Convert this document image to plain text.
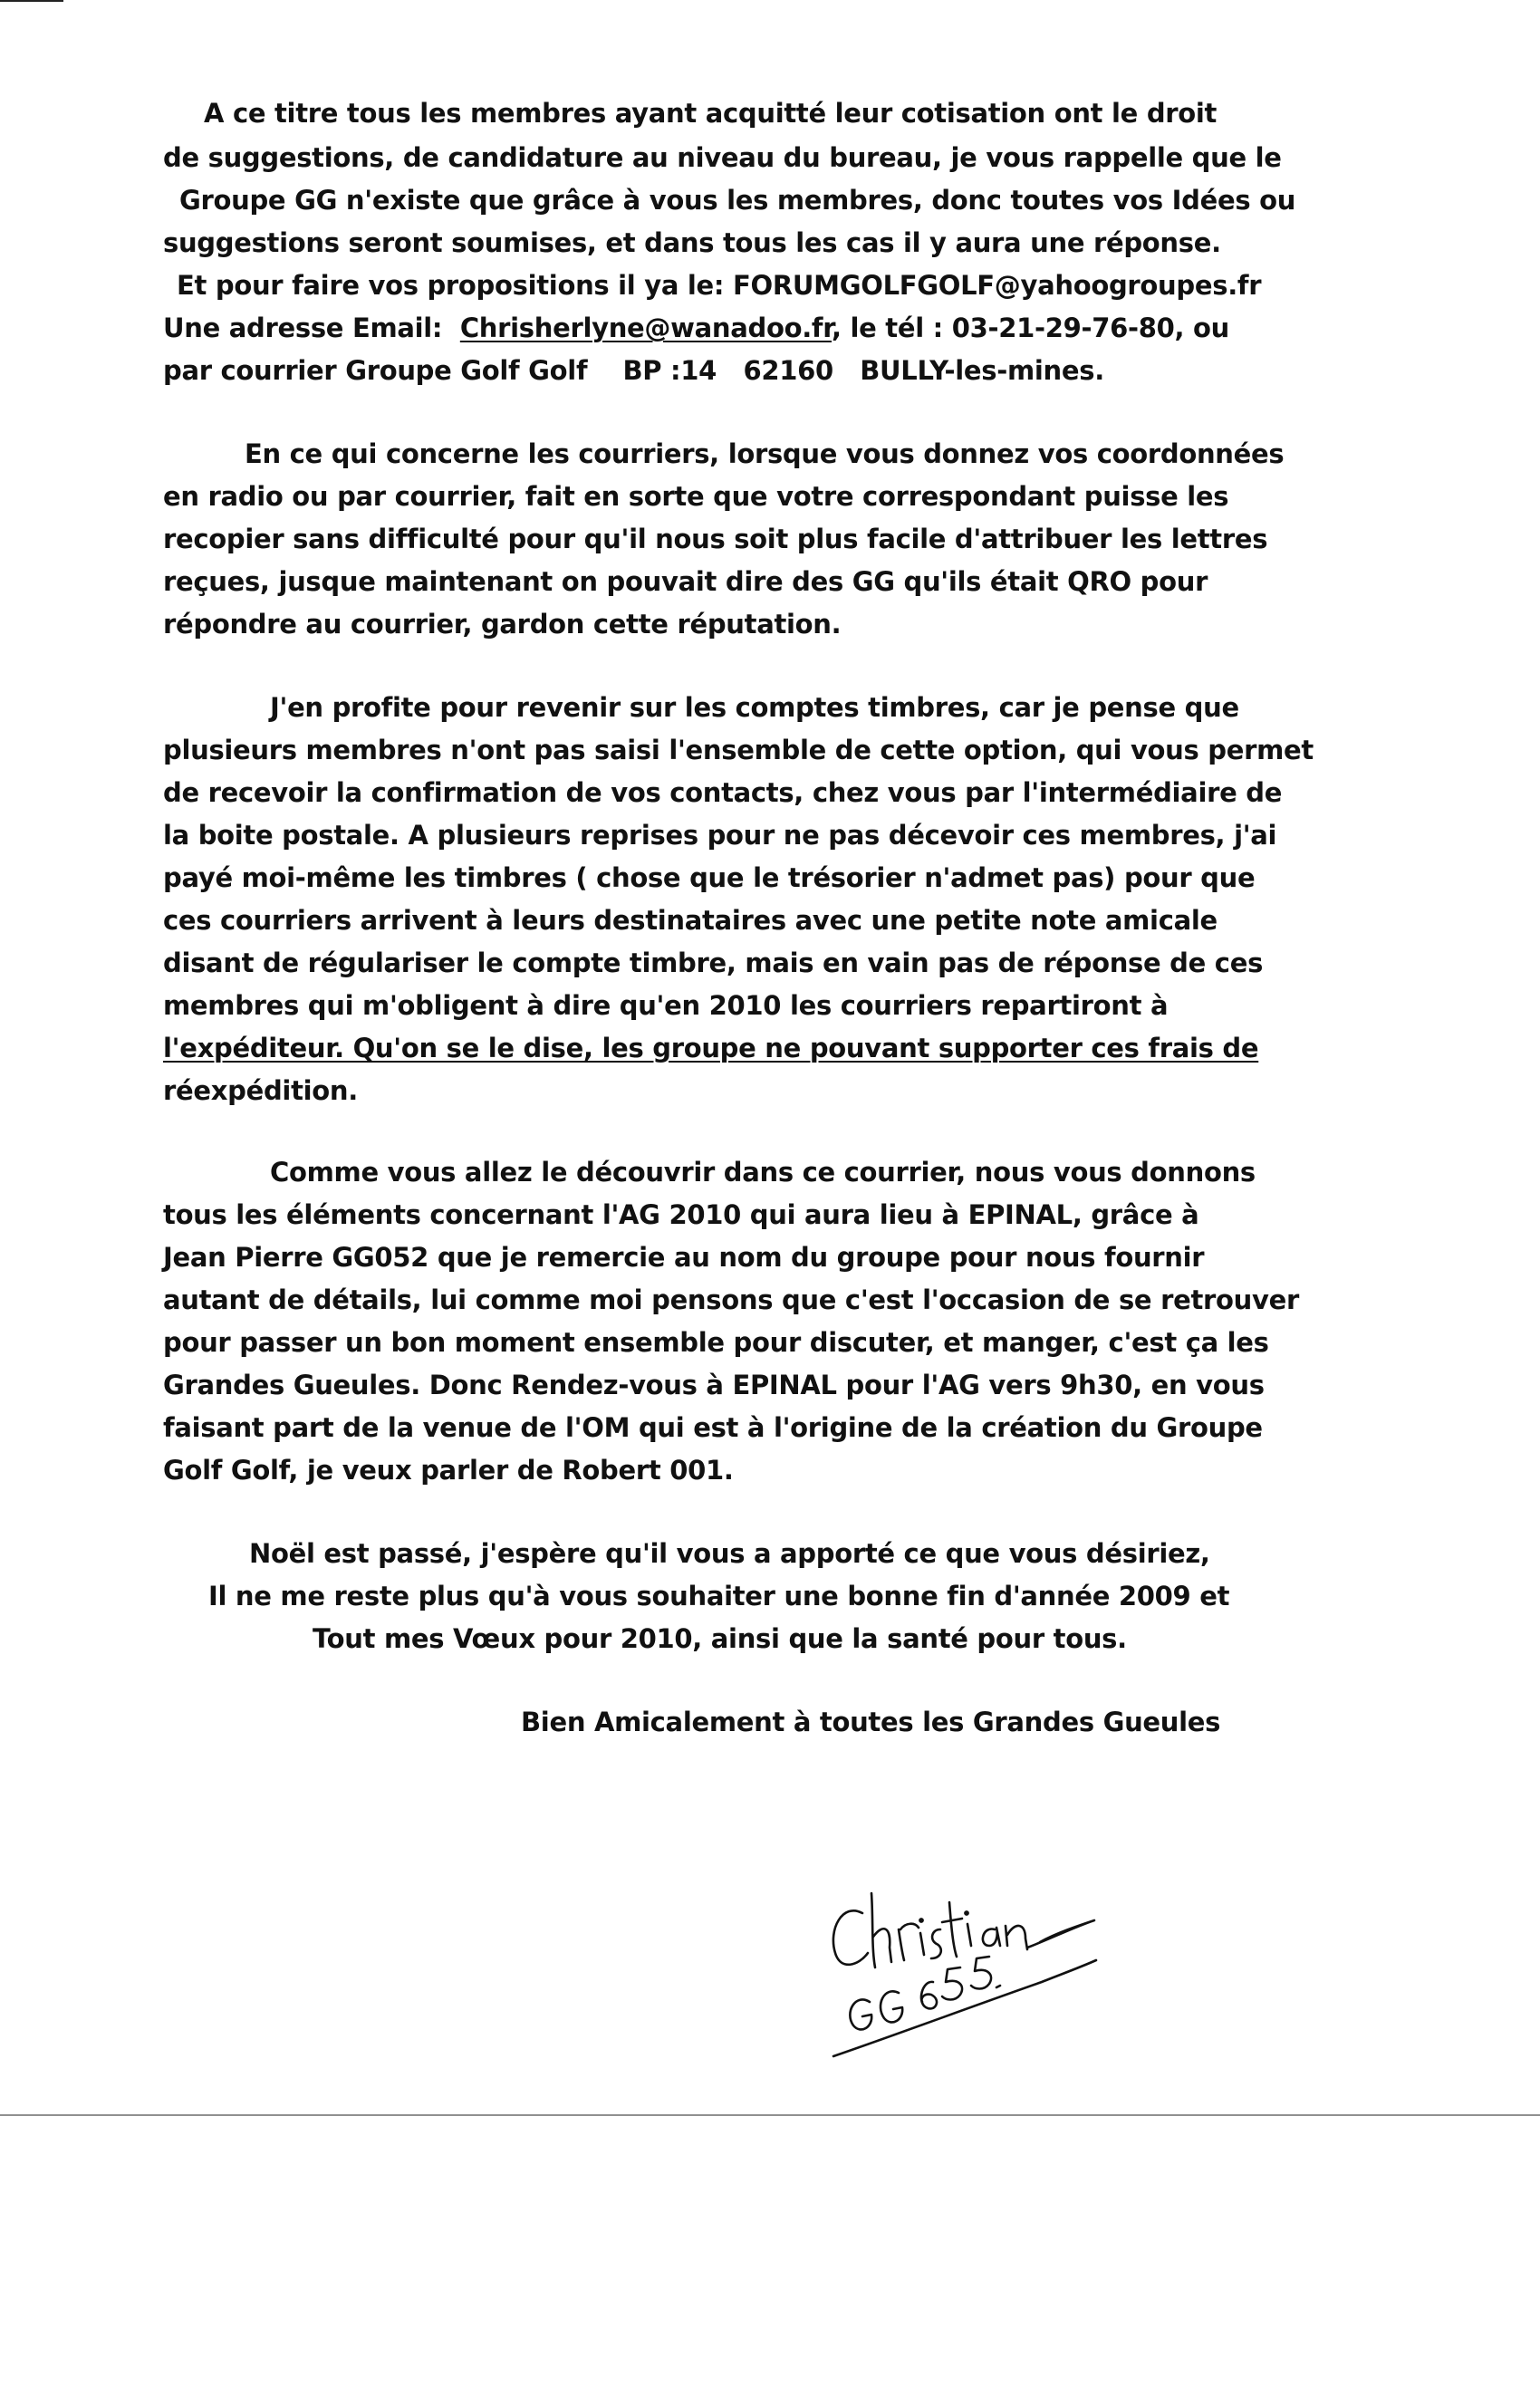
A ce titre tous les membres ayant acquitté leur cotisation ont le droit
de suggestions, de candidature au niveau du bureau, je vous rappelle que le
Groupe GG n'existe que grâce à vous les membres, donc toutes vos Idées ou
suggestions seront soumises, et dans tous les cas il y aura une réponse.
Et pour faire vos propositions il ya le: FORUMGOLFGOLF@yahoogroupes.fr
Une adresse Email:  Chrisherlyne@wanadoo.fr, le tél : 03-21-29-76-80, ou
par courrier Groupe Golf Golf    BP :14   62160   BULLY-les-mines.
En ce qui concerne les courriers, lorsque vous donnez vos coordonnées
en radio ou par courrier, fait en sorte que votre correspondant puisse les
recopier sans difficulté pour qu'il nous soit plus facile d'attribuer les lettres
reçues, jusque maintenant on pouvait dire des GG qu'ils était QRO pour
répondre au courrier, gardon cette réputation.
J'en profite pour revenir sur les comptes timbres, car je pense que
plusieurs membres n'ont pas saisi l'ensemble de cette option, qui vous permet
de recevoir la confirmation de vos contacts, chez vous par l'intermédiaire de
la boite postale. A plusieurs reprises pour ne pas décevoir ces membres, j'ai
payé moi-même les timbres ( chose que le trésorier n'admet pas) pour que
ces courriers arrivent à leurs destinataires avec une petite note amicale
disant de régulariser le compte timbre, mais en vain pas de réponse de ces
membres qui m'obligent à dire qu'en 2010 les courriers repartiront à
l'expéditeur. Qu'on se le dise, les groupe ne pouvant supporter ces frais de
réexpédition.
Comme vous allez le découvrir dans ce courrier, nous vous donnons
tous les éléments concernant l'AG 2010 qui aura lieu à EPINAL, grâce à
Jean Pierre GG052 que je remercie au nom du groupe pour nous fournir
autant de détails, lui comme moi pensons que c'est l'occasion de se retrouver
pour passer un bon moment ensemble pour discuter, et manger, c'est ça les
Grandes Gueules. Donc Rendez-vous à EPINAL pour l'AG vers 9h30, en vous
faisant part de la venue de l'OM qui est à l'origine de la création du Groupe
Golf Golf, je veux parler de Robert 001.
Noël est passé, j'espère qu'il vous a apporté ce que vous désiriez,
Il ne me reste plus qu'à vous souhaiter une bonne fin d'année 2009 et
Tout mes Vœux pour 2010, ainsi que la santé pour tous.
Bien Amicalement à toutes les Grandes Gueules
